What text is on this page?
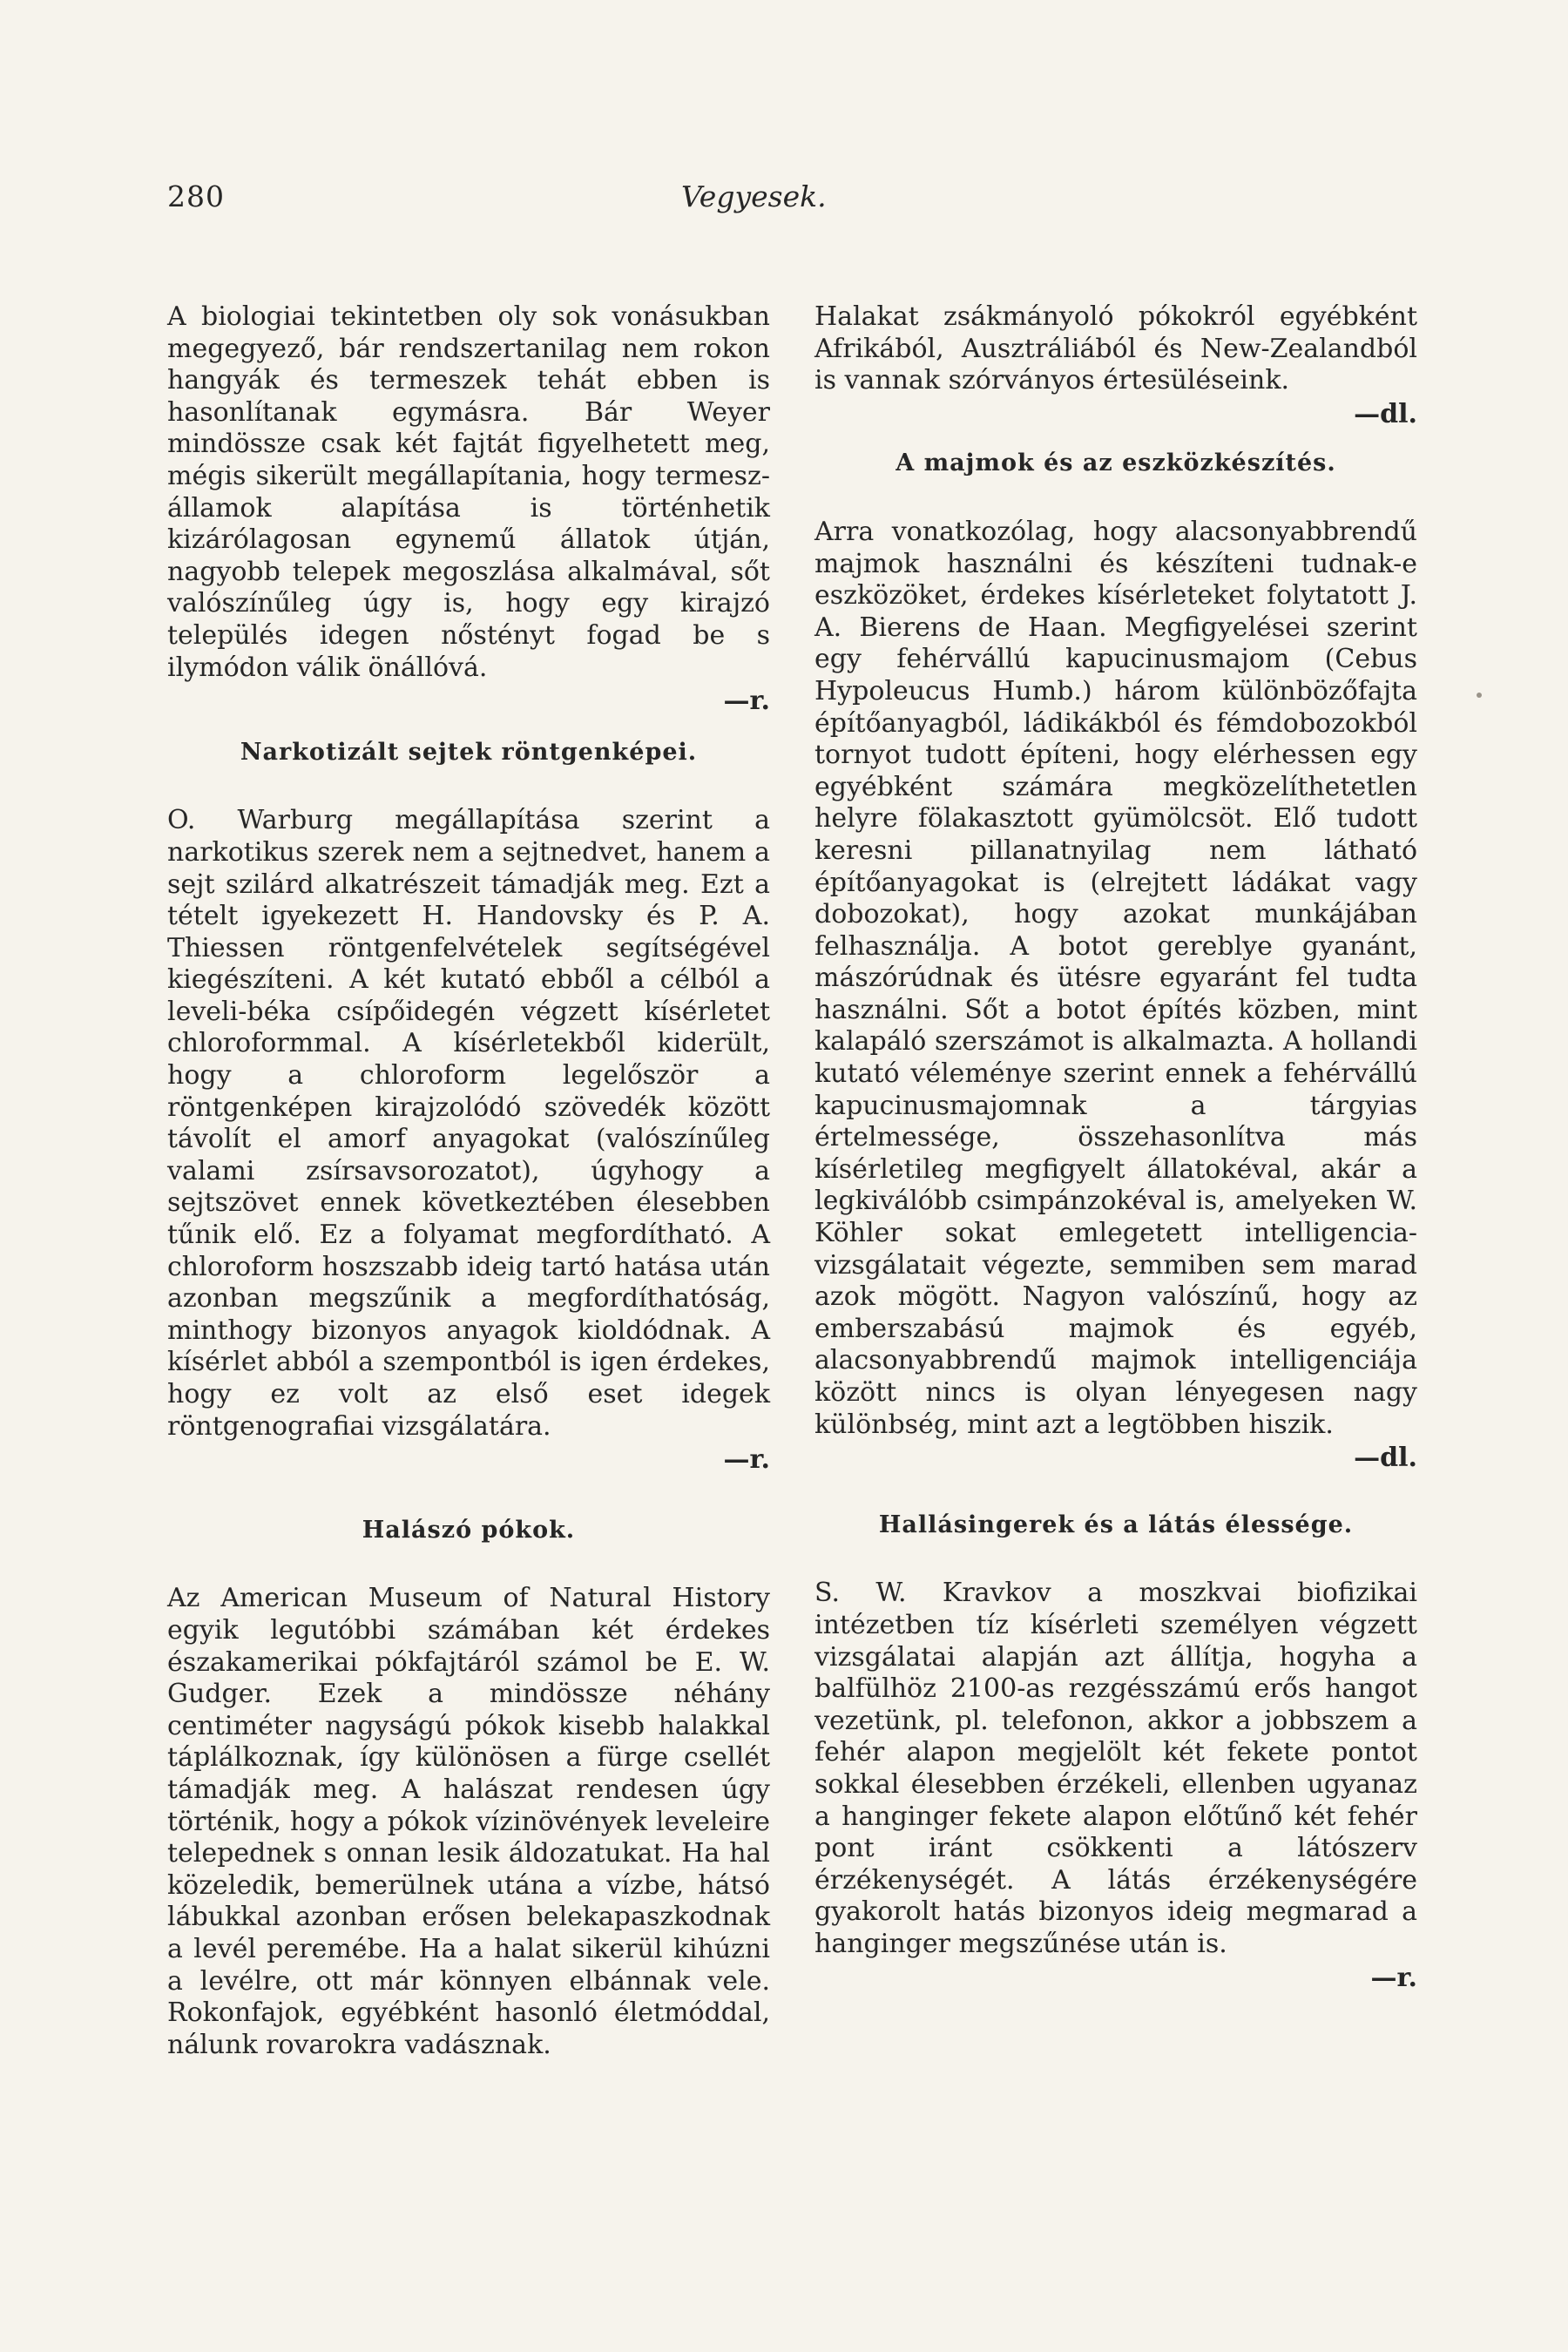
280	Vegyesek.

A biologiai tekintetben oly sok vonásukban megegyező, bár rendszertanilag nem rokon hangyák és termeszek tehát ebben is hasonlítanak egymásra. Bár Weyer mindössze csak két fajtát figyelhetett meg, mégis sikerült megállapítania, hogy termesz-államok alapítása is történhetik kizárólagosan egynemű állatok útján, nagyobb telepek megoszlása alkalmával, sőt valószínűleg úgy is, hogy egy kirajzó település idegen nőstényt fogad be s ilymódon válik önállóvá.

—r.
Narkotizált sejtek röntgenképei.

O. Warburg megállapítása szerint a narkotikus szerek nem a sejtnedvet, hanem a sejt szilárd alkatrészeit támadják meg. Ezt a tételt igyekezett H. Handovsky és P. A. Thiessen röntgenfelvételek segítségével kiegészíteni. A két kutató ebből a célból a leveli-béka csípőidegén végzett kísérletet chloroformmal. A kísérletekből kiderült, hogy a chloroform legelőször a röntgenképen kirajzolódó szövedék között távolít el amorf anyagokat (valószínűleg valami zsírsavsorozatot), úgyhogy a sejtszövet ennek következtében élesebben tűnik elő. Ez a folyamat megfordítható. A chloroform hoszszabb ideig tartó hatása után azonban megszűnik a megfordíthatóság, minthogy bizonyos anyagok kioldódnak. A kísérlet abból a szempontból is igen érdekes, hogy ez volt az első eset idegek röntgenografiai vizsgálatára.

—r.
Halászó pókok.

Az American Museum of Natural History egyik legutóbbi számában két érdekes északamerikai pókfajtáról számol be E. W. Gudger. Ezek a mindössze néhány centiméter nagyságú pókok kisebb halakkal táplálkoznak, így különösen a fürge csellét támadják meg. A halászat rendesen úgy történik, hogy a pókok vízinövények leveleire telepednek s onnan lesik áldozatukat. Ha hal közeledik, bemerülnek utána a vízbe, hátsó lábukkal azonban erősen belekapaszkodnak a levél peremébe. Ha a halat sikerül kihúzni a levélre, ott már könnyen elbánnak vele. Rokonfajok, egyébként hasonló életmóddal, nálunk rovarokra vadásznak.

Halakat zsákmányoló pókokról egyébként Afrikából, Ausztráliából és New-Zealandból is vannak szórványos értesüléseink.

—dl.
A majmok és az eszközkészítés.

Arra vonatkozólag, hogy alacsonyabbrendű majmok használni és készíteni tudnak-e eszközöket, érdekes kísérleteket folytatott J. A. Bierens de Haan. Megfigyelései szerint egy fehérvállú kapucinusmajom (Cebus Hypoleucus Humb.) három különbözőfajta építőanyagból, ládikákból és fémdobozokból tornyot tudott építeni, hogy elérhessen egy egyébként számára megközelíthetetlen helyre fölakasztott gyümölcsöt. Elő tudott keresni pillanatnyilag nem látható építőanyagokat is (elrejtett ládákat vagy dobozokat), hogy azokat munkájában felhasználja. A botot gereblye gyanánt, mászórúdnak és ütésre egyaránt fel tudta használni. Sőt a botot építés közben, mint kalapáló szerszámot is alkalmazta. A hollandi kutató véleménye szerint ennek a fehérvállú kapucinusmajomnak a tárgyias értelmessége, összehasonlítva más kísérletileg megfigyelt állatokéval, akár a legkiválóbb csimpánzokéval is, amelyeken W. Köhler sokat emlegetett intelligencia-vizsgálatait végezte, semmiben sem marad azok mögött. Nagyon valószínű, hogy az emberszabású majmok és egyéb, alacsonyabbrendű majmok intelligenciája között nincs is olyan lényegesen nagy különbség, mint azt a legtöbben hiszik.

—dl.
Hallásingerek és a látás élessége.

S. W. Kravkov a moszkvai biofizikai intézetben tíz kísérleti személyen végzett vizsgálatai alapján azt állítja, hogyha a balfülhöz 2100-as rezgésszámú erős hangot vezetünk, pl. telefonon, akkor a jobbszem a fehér alapon megjelölt két fekete pontot sokkal élesebben érzékeli, ellenben ugyanaz a hanginger fekete alapon előtűnő két fehér pont iránt csökkenti a látószerv érzékenységét. A látás érzékenységére gyakorolt hatás bizonyos ideig megmarad a hanginger megszűnése után is.

—r.
